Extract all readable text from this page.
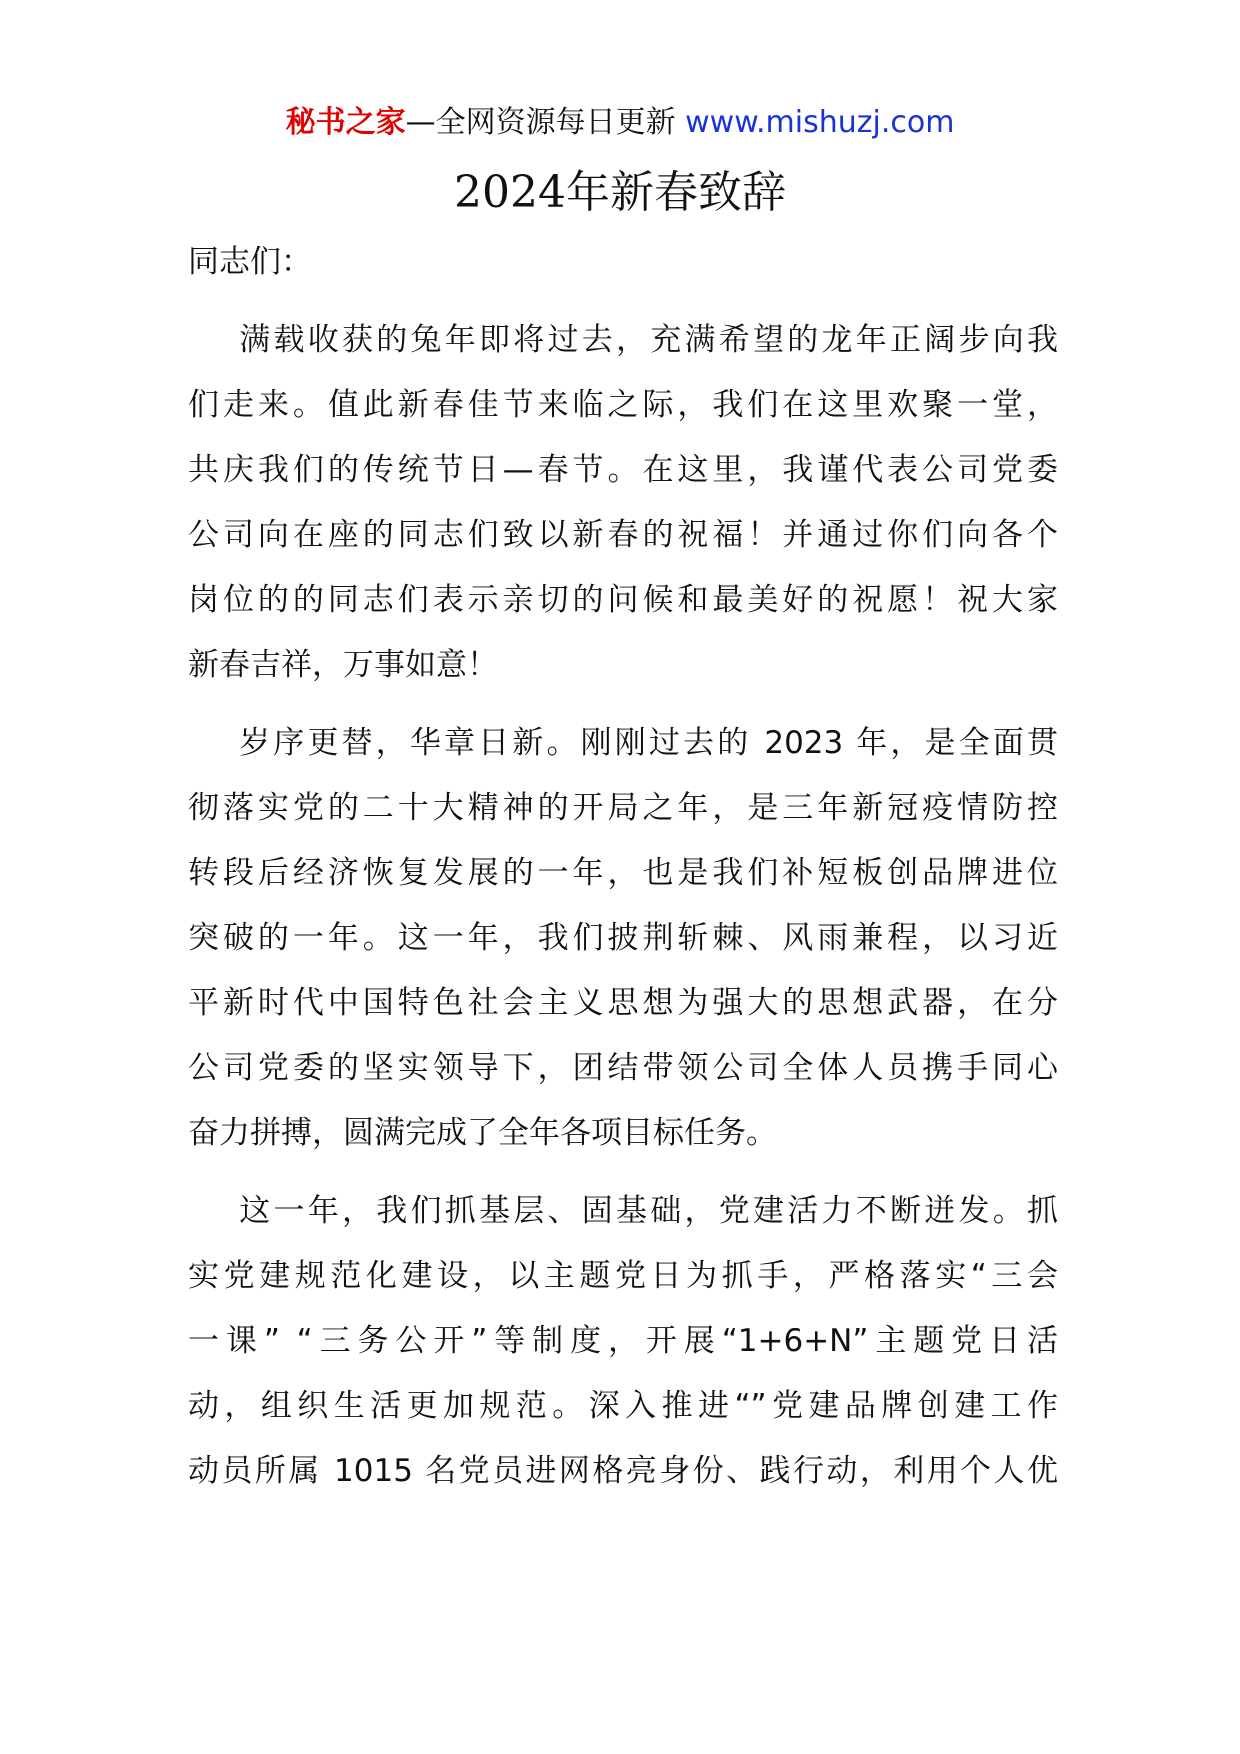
秘书之家—全网资源每日更新 www.mishuzj.com
2024年新春致辞
同志们：
满载收获的兔年即将过去，充满希望的龙年正阔步向我
们走来。值此新春佳节来临之际，我们在这里欢聚一堂，
共庆我们的传统节日—春节。在这里，我谨代表公司党委
公司向在座的同志们致以新春的祝福！并通过你们向各个
岗位的的同志们表示亲切的问候和最美好的祝愿！祝大家
新春吉祥，万事如意！
岁序更替，华章日新。刚刚过去的 2023 年，是全面贯
彻落实党的二十大精神的开局之年，是三年新冠疫情防控
转段后经济恢复发展的一年，也是我们补短板创品牌进位
突破的一年。这一年，我们披荆斩棘、风雨兼程，以习近
平新时代中国特色社会主义思想为强大的思想武器，在分
公司党委的坚实领导下，团结带领公司全体人员携手同心
奋力拼搏，圆满完成了全年各项目标任务。
这一年，我们抓基层、固基础，党建活力不断迸发。抓
实党建规范化建设，以主题党日为抓手，严格落实“三会
一课” “三务公开”等制度，开展“1+6+N”主题党日活
动，组织生活更加规范。深入推进“”党建品牌创建工作
动员所属 1015 名党员进网格亮身份、践行动，利用个人优
